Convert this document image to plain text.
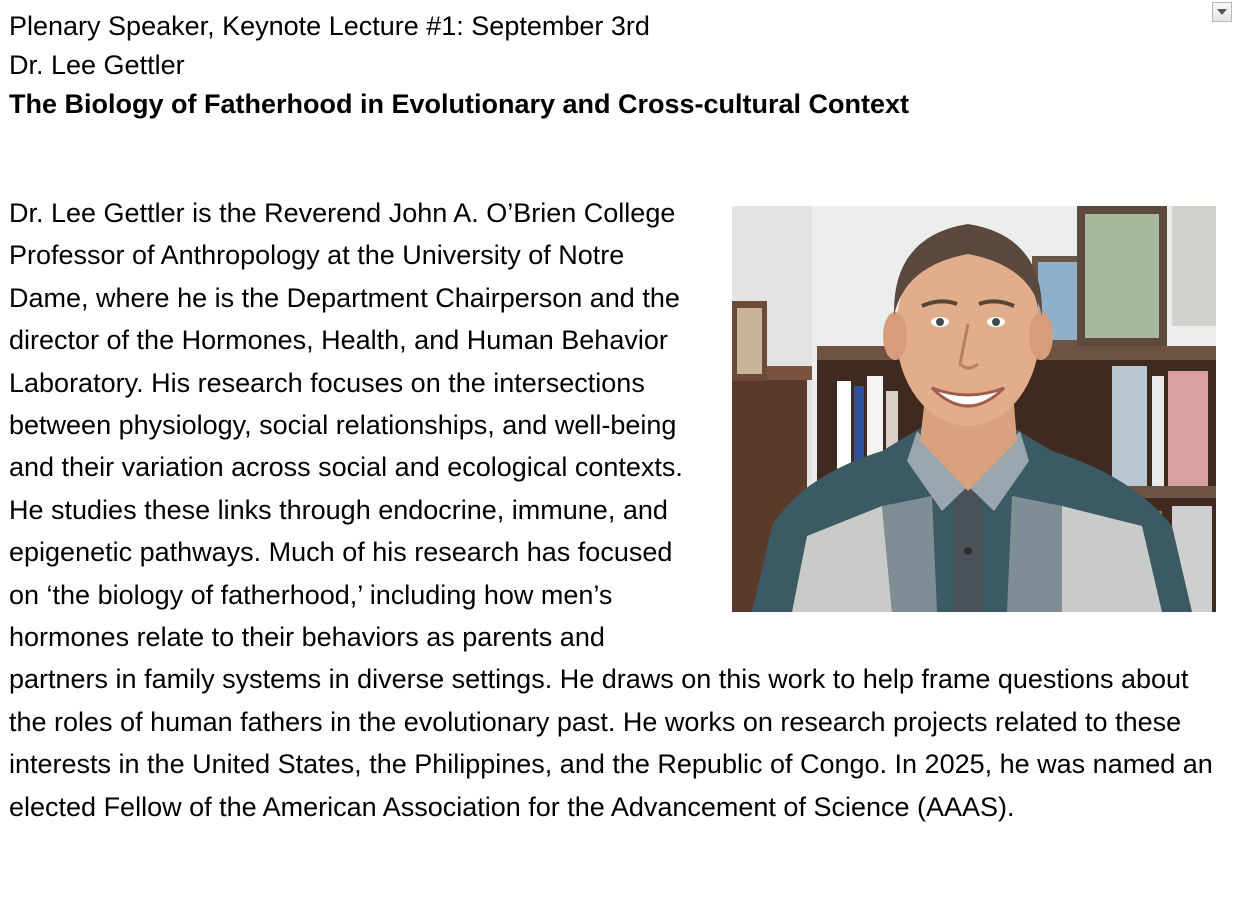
Plenary Speaker, Keynote Lecture #1: September 3rd
Dr. Lee Gettler
The Biology of Fatherhood in Evolutionary and Cross-cultural Context
Dr. Lee Gettler is the Reverend John A. O’Brien College Professor of Anthropology at the University of Notre Dame, where he is the Department Chairperson and the director of the Hormones, Health, and Human Behavior Laboratory. His research focuses on the intersections between physiology, social relationships, and well-being and their variation across social and ecological contexts. He studies these links through endocrine, immune, and epigenetic pathways. Much of his research has focused on ‘the biology of fatherhood,’ including how men’s hormones relate to their behaviors as parents and partners in family systems in diverse settings. He draws on this work to help frame questions about the roles of human fathers in the evolutionary past. He works on research projects related to these interests in the United States, the Philippines, and the Republic of Congo. In 2025, he was named an elected Fellow of the American Association for the Advancement of Science (AAAS).
